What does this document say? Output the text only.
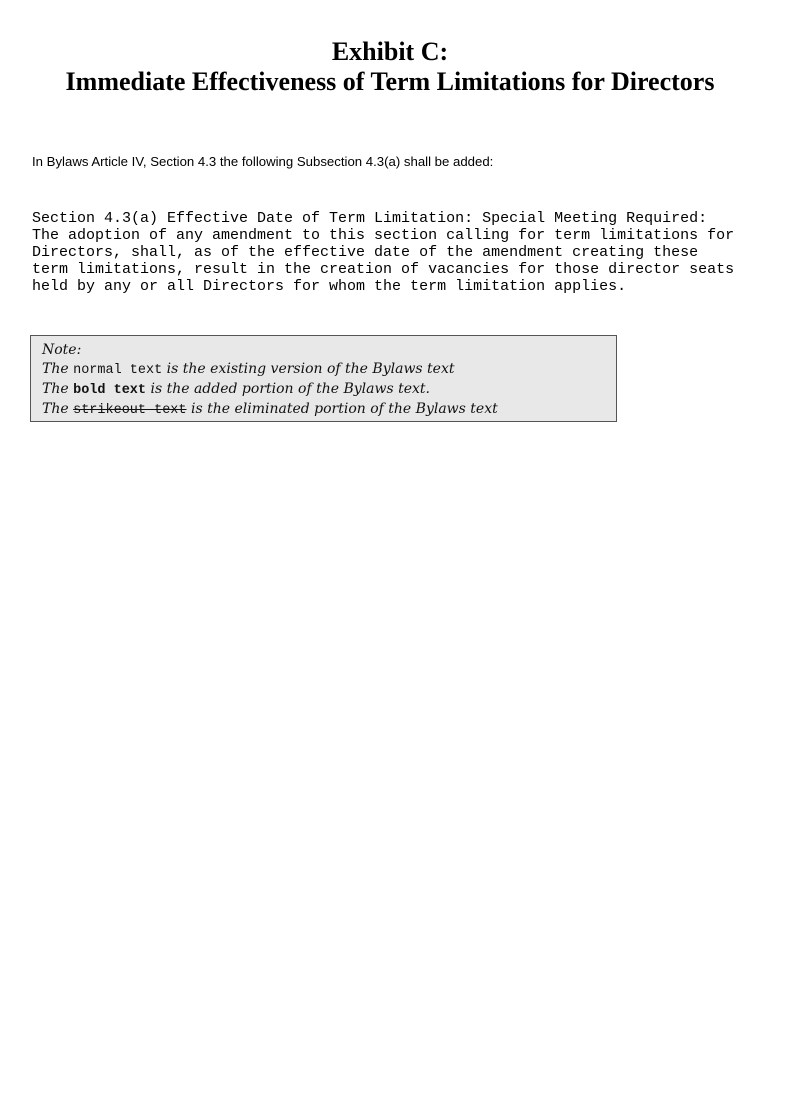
Exhibit C:
Immediate Effectiveness of Term Limitations for Directors
In Bylaws Article IV, Section 4.3 the following Subsection 4.3(a) shall be added:
Section 4.3(a) Effective Date of Term Limitation: Special Meeting Required:
The adoption of any amendment to this section calling for term limitations for
Directors, shall, as of the effective date of the amendment creating these
term limitations, result in the creation of vacancies for those director seats
held by any or all Directors for whom the term limitation applies.
Note:
The normal text is the existing version of the Bylaws text
The bold text is the added portion of the Bylaws text.
The strikeout text is the eliminated portion of the Bylaws text
